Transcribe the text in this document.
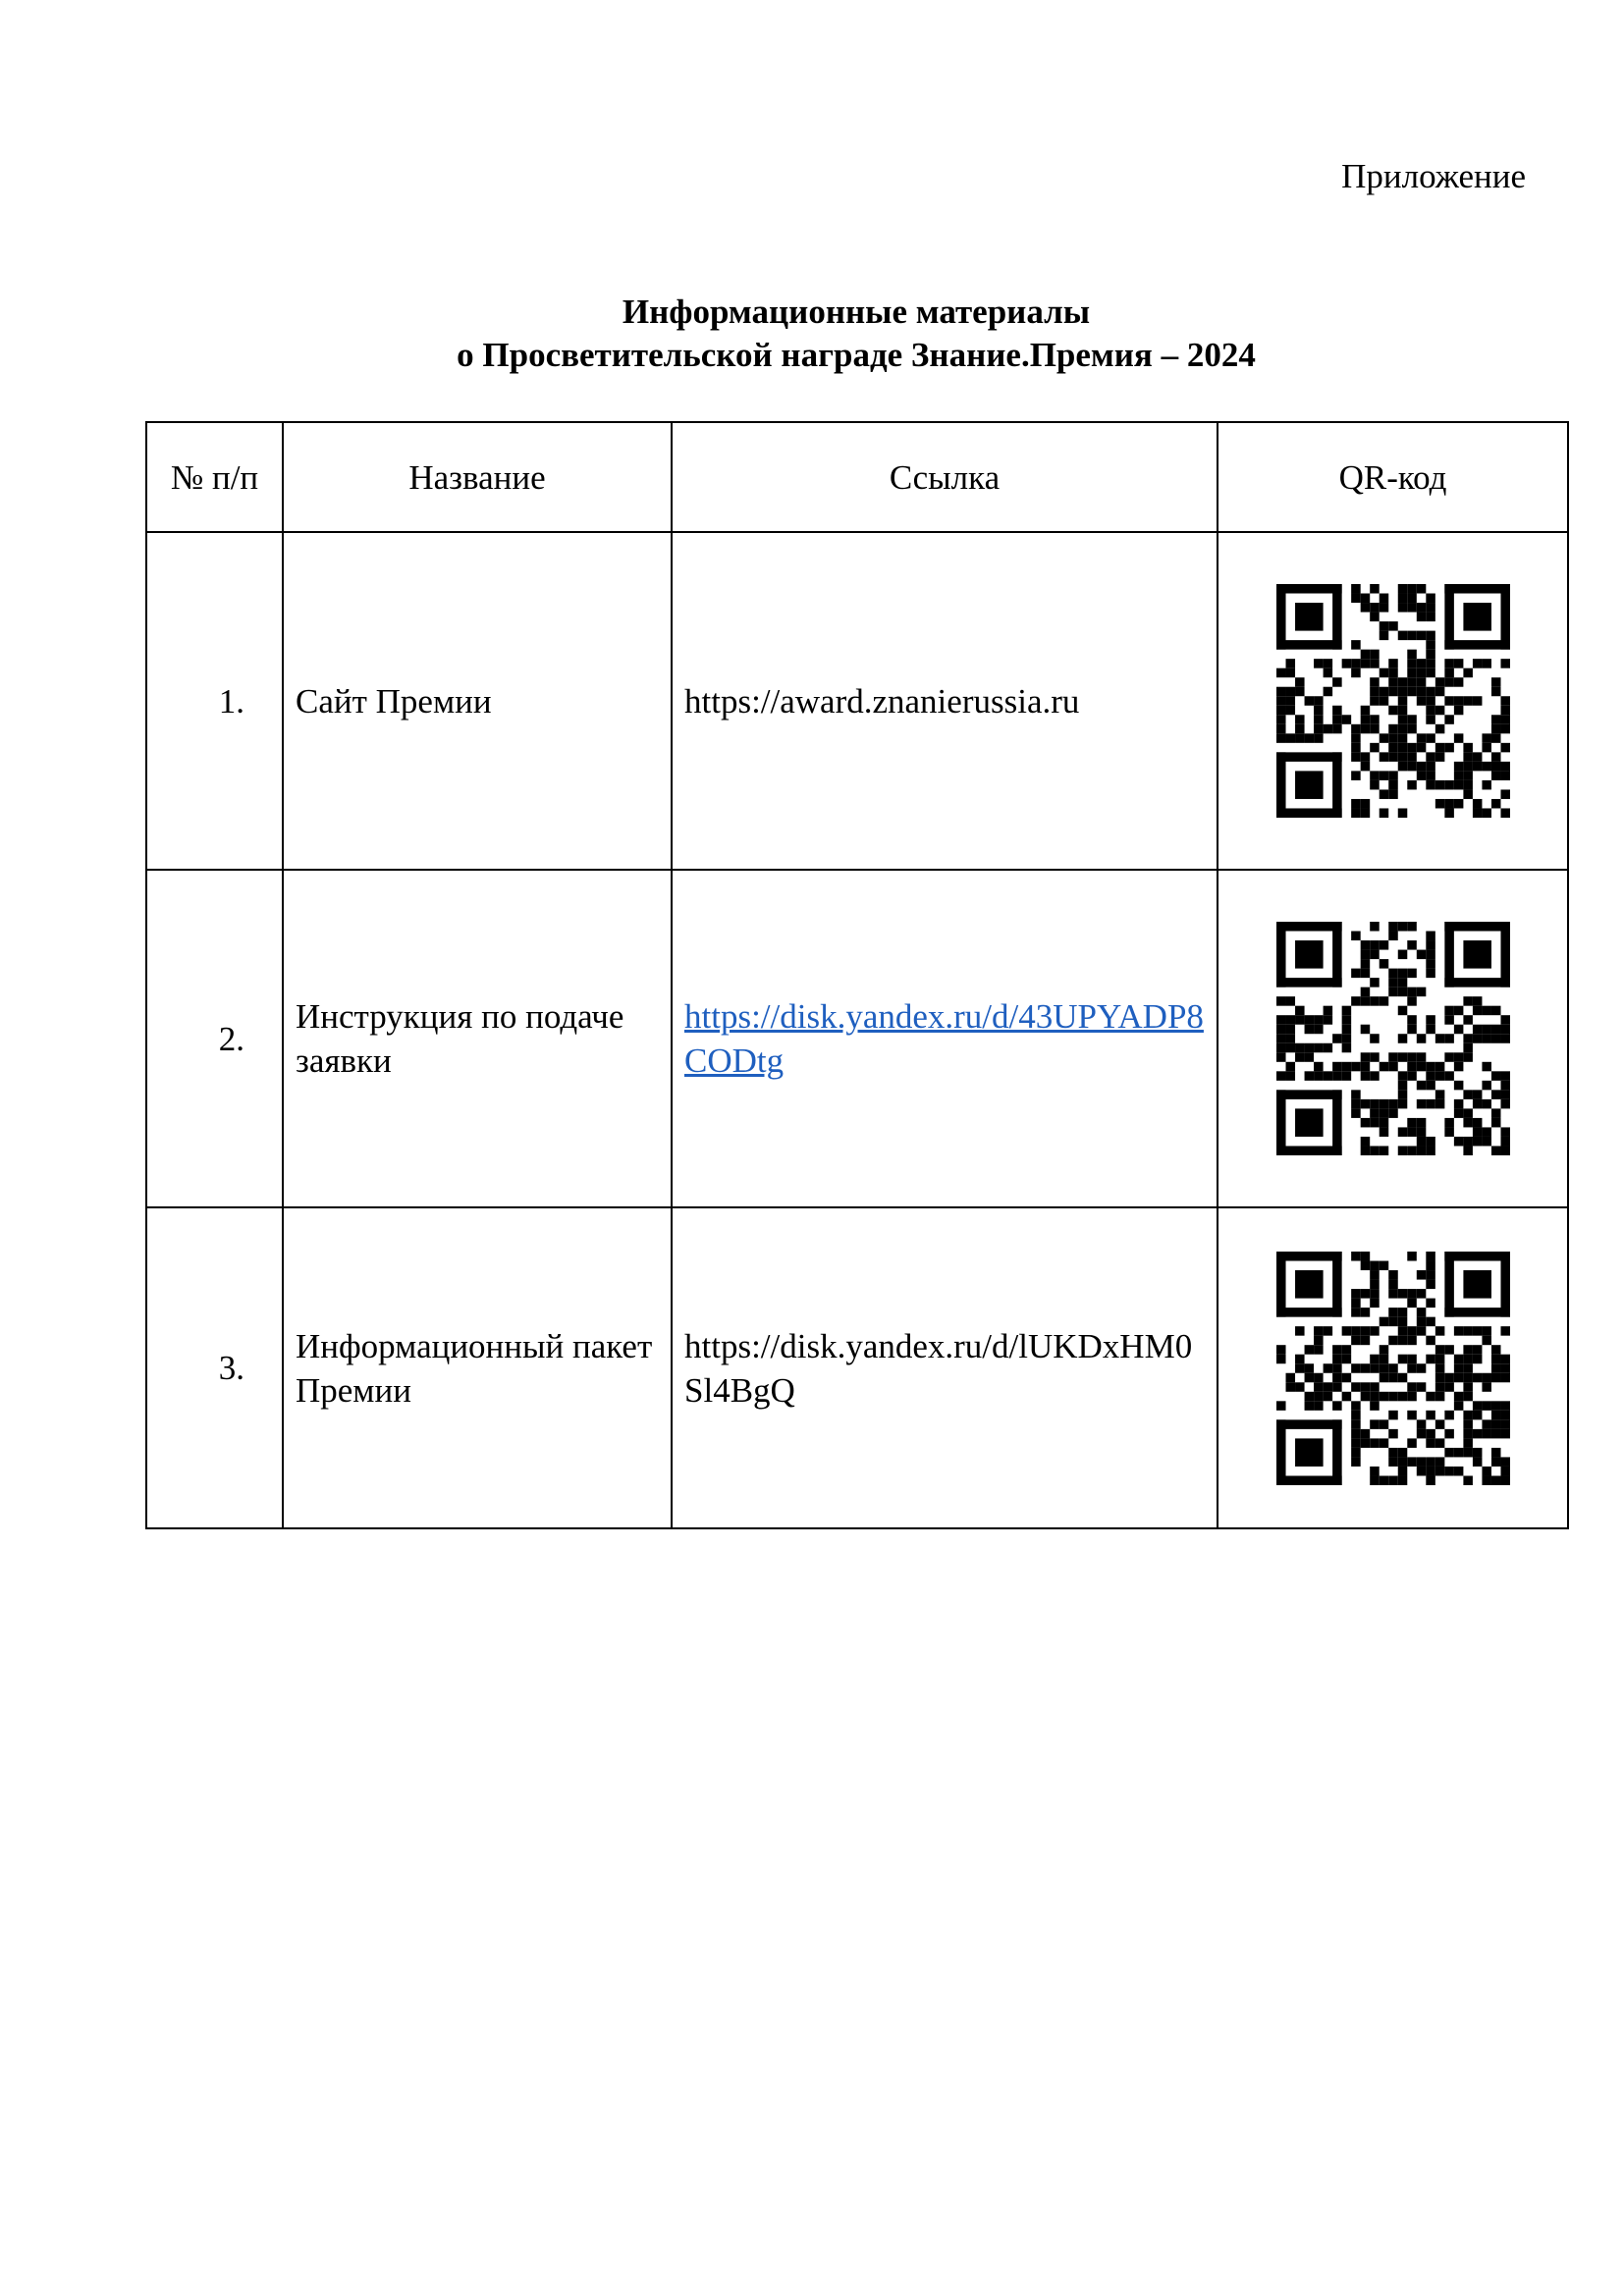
Приложение
Информационные материалы
о Просветительской награде Знание.Премия – 2024
№ п/п	Название	Ссылка	QR-код
1.	Сайт Премии	https://award.znanierussia.ru	

2.	Инструкция по подаче заявки	https://disk.yandex.ru/d/43UPYADP8CODtg	

3.	Информационный пакет Премии	https://disk.yandex.ru/d/lUKDxHM0Sl4BgQ	
